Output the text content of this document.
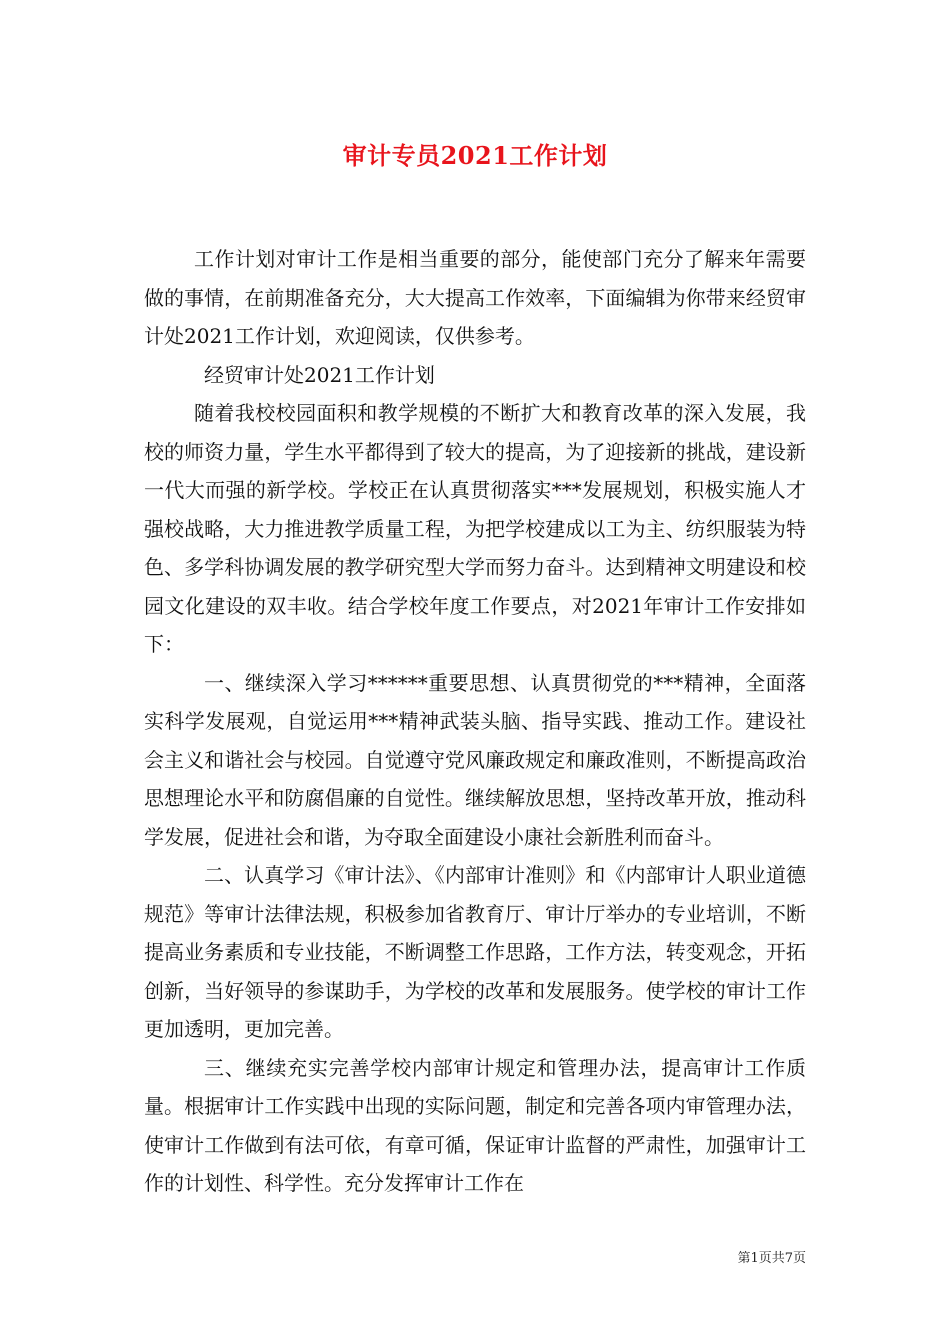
审计专员2021工作计划

工作计划对审计工作是相当重要的部分，能使部门充分了解来年需要做的事情，在前期准备充分，大大提高工作效率，下面编辑为你带来经贸审计处2021工作计划，欢迎阅读，仅供参考。

经贸审计处2021工作计划

随着我校校园面积和教学规模的不断扩大和教育改革的深入发展，我校的师资力量，学生水平都得到了较大的提高，为了迎接新的挑战，建设新一代大而强的新学校。学校正在认真贯彻落实***发展规划，积极实施人才强校战略，大力推进教学质量工程，为把学校建成以工为主、纺织服装为特色、多学科协调发展的教学研究型大学而努力奋斗。达到精神文明建设和校园文化建设的双丰收。结合学校年度工作要点，对2021年审计工作安排如下：

一、继续深入学习******重要思想、认真贯彻党的***精神，全面落实科学发展观，自觉运用***精神武装头脑、指导实践、推动工作。建设社会主义和谐社会与校园。自觉遵守党风廉政规定和廉政准则，不断提高政治思想理论水平和防腐倡廉的自觉性。继续解放思想，坚持改革开放，推动科学发展，促进社会和谐，为夺取全面建设小康社会新胜利而奋斗。

二、认真学习《审计法》、《内部审计准则》和《内部审计人职业道德规范》等审计法律法规，积极参加省教育厅、审计厅举办的专业培训，不断提高业务素质和专业技能，不断调整工作思路，工作方法，转变观念，开拓创新，当好领导的参谋助手，为学校的改革和发展服务。使学校的审计工作更加透明，更加完善。

三、继续充实完善学校内部审计规定和管理办法，提高审计工作质量。根据审计工作实践中出现的实际问题，制定和完善各项内审管理办法，使审计工作做到有法可依，有章可循，保证审计监督的严肃性，加强审计工作的计划性、科学性。充分发挥审计工作在

第1页共7页
